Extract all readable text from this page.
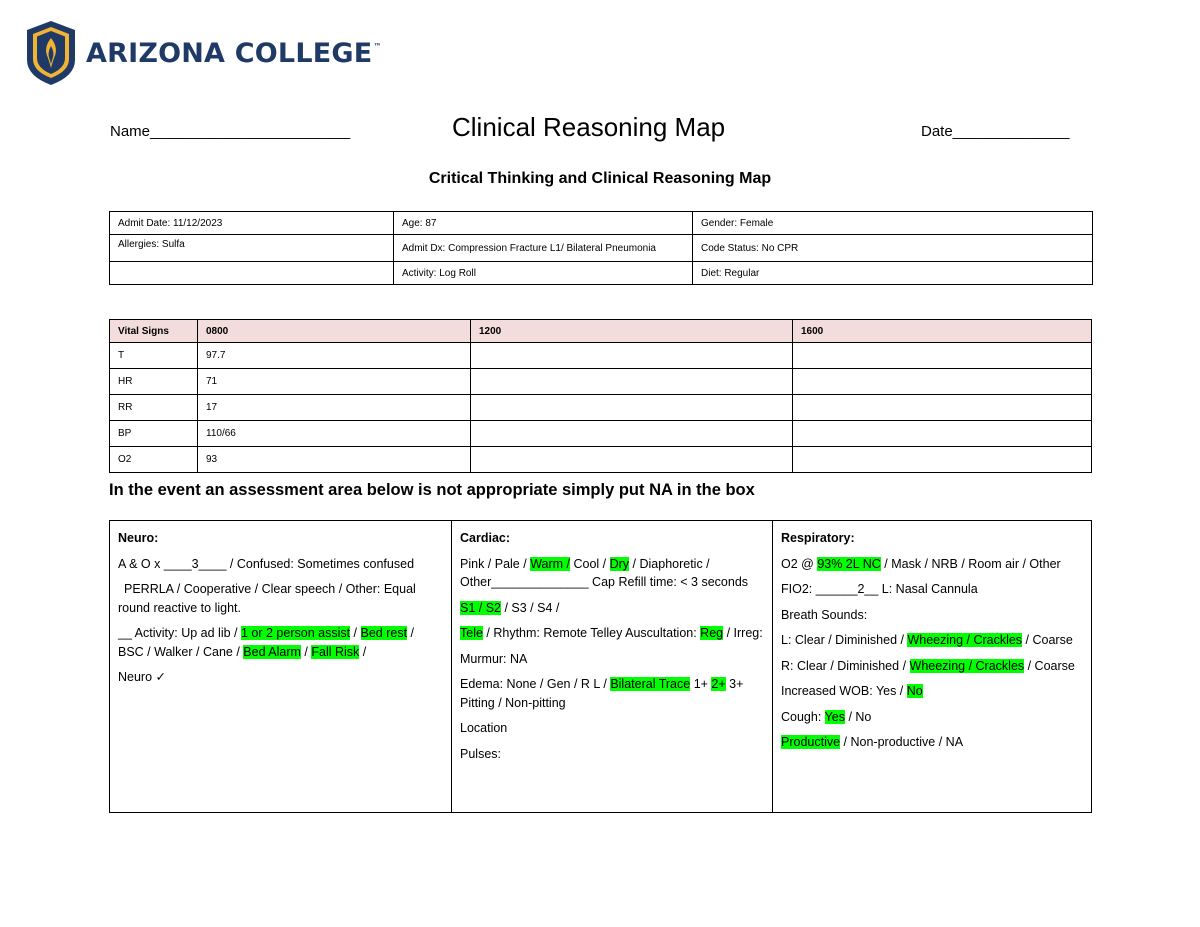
ARIZONA COLLEGE™
Name________________________	Clinical Reasoning Map	Date______________
Critical Thinking and Clinical Reasoning Map
Admit Date: 11/12/2023	Age: 87	Gender: Female
Allergies: Sulfa	Admit Dx: Compression Fracture L1/ Bilateral Pneumonia	Code Status: No CPR
	Activity: Log Roll	Diet: Regular
Vital Signs	0800	1200	1600
T	97.7		
HR	71		
RR	17		
BP	110/66		
O2	93		
In the event an assessment area below is not appropriate simply put NA in the box

Neuro:

A & O x ____3____ / Confused: Sometimes confused

PERRLA / Cooperative / Clear speech / Other: Equal round reactive to light.

__ Activity: Up ad lib / 1 or 2 person assist / Bed rest / BSC / Walker / Cane / Bed Alarm / Fall Risk /

Neuro ✓

Cardiac:

Pink / Pale / Warm / Cool / Dry / Diaphoretic / Other______________ Cap Refill time: < 3 seconds

S1 / S2 / S3 / S4 /

Tele / Rhythm: Remote Telley Auscultation: Reg / Irreg:

Murmur: NA

Edema: None / Gen / R L / Bilateral Trace 1+ 2+ 3+ Pitting / Non-pitting

Location

Pulses:

Respiratory:

O2 @ 93% 2L NC / Mask / NRB / Room air / Other

FIO2: ______2__ L: Nasal Cannula

Breath Sounds:

L: Clear / Diminished / Wheezing / Crackles / Coarse

R: Clear / Diminished / Wheezing / Crackles / Coarse

Increased WOB: Yes / No

Cough: Yes / No

Productive / Non-productive / NA
